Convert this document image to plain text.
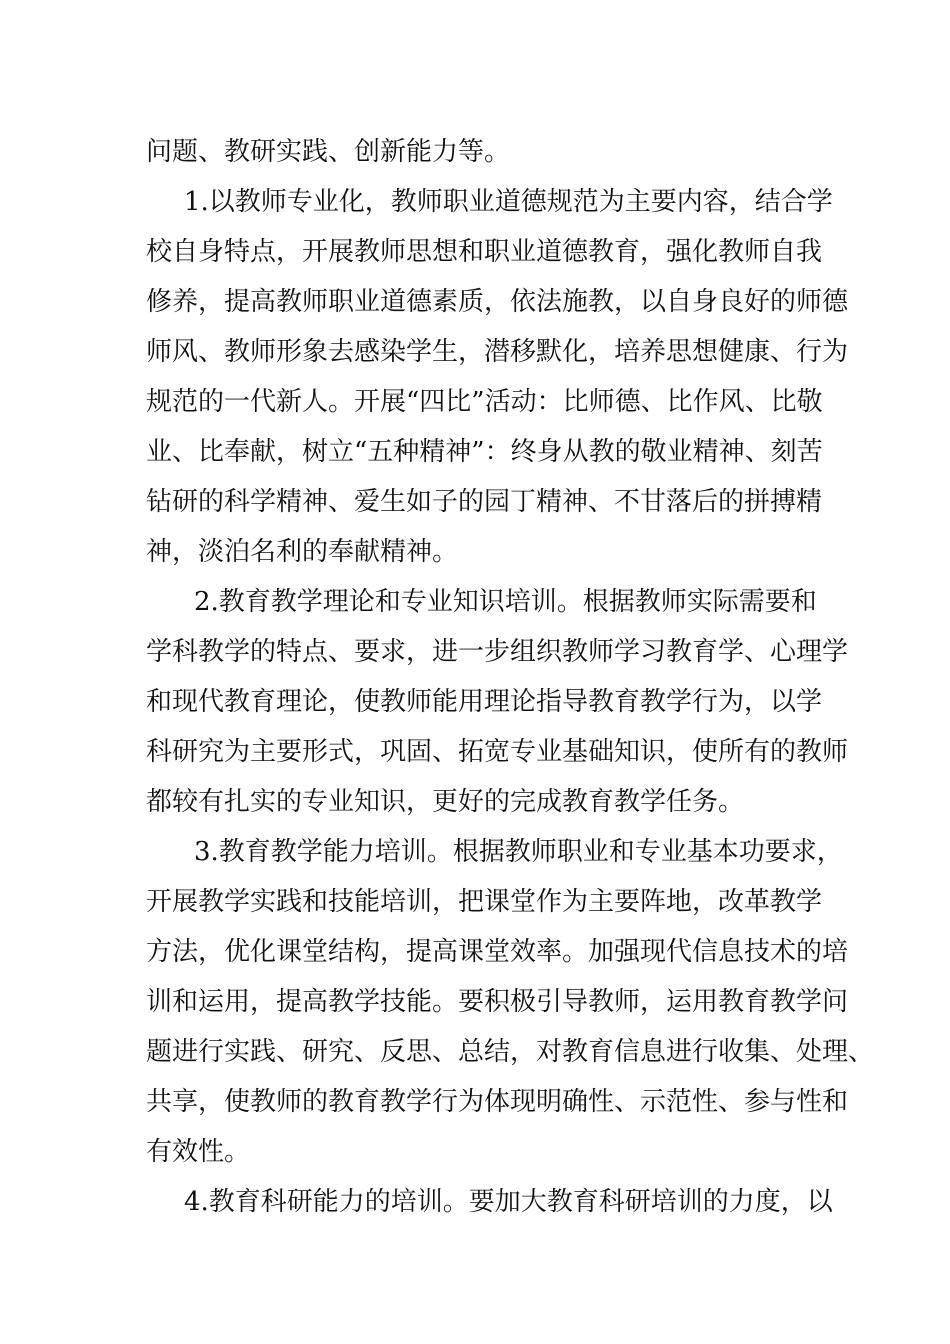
问题、教研实践、创新能力等。
1.以教师专业化，教师职业道德规范为主要内容，结合学
校自身特点，开展教师思想和职业道德教育，强化教师自我
修养，提高教师职业道德素质，依法施教，以自身良好的师德
师风、教师形象去感染学生，潜移默化，培养思想健康、行为
规范的一代新人。开展“四比”活动：比师德、比作风、比敬
业、比奉献，树立“五种精神”：终身从教的敬业精神、刻苦
钻研的科学精神、爱生如子的园丁精神、不甘落后的拼搏精
神，淡泊名利的奉献精神。
2.教育教学理论和专业知识培训。根据教师实际需要和
学科教学的特点、要求，进一步组织教师学习教育学、心理学
和现代教育理论，使教师能用理论指导教育教学行为，以学
科研究为主要形式，巩固、拓宽专业基础知识，使所有的教师
都较有扎实的专业知识，更好的完成教育教学任务。
3.教育教学能力培训。根据教师职业和专业基本功要求，
开展教学实践和技能培训，把课堂作为主要阵地，改革教学
方法，优化课堂结构，提高课堂效率。加强现代信息技术的培
训和运用，提高教学技能。要积极引导教师，运用教育教学问
题进行实践、研究、反思、总结，对教育信息进行收集、处理、
共享，使教师的教育教学行为体现明确性、示范性、参与性和
有效性。
4.教育科研能力的培训。要加大教育科研培训的力度，以
